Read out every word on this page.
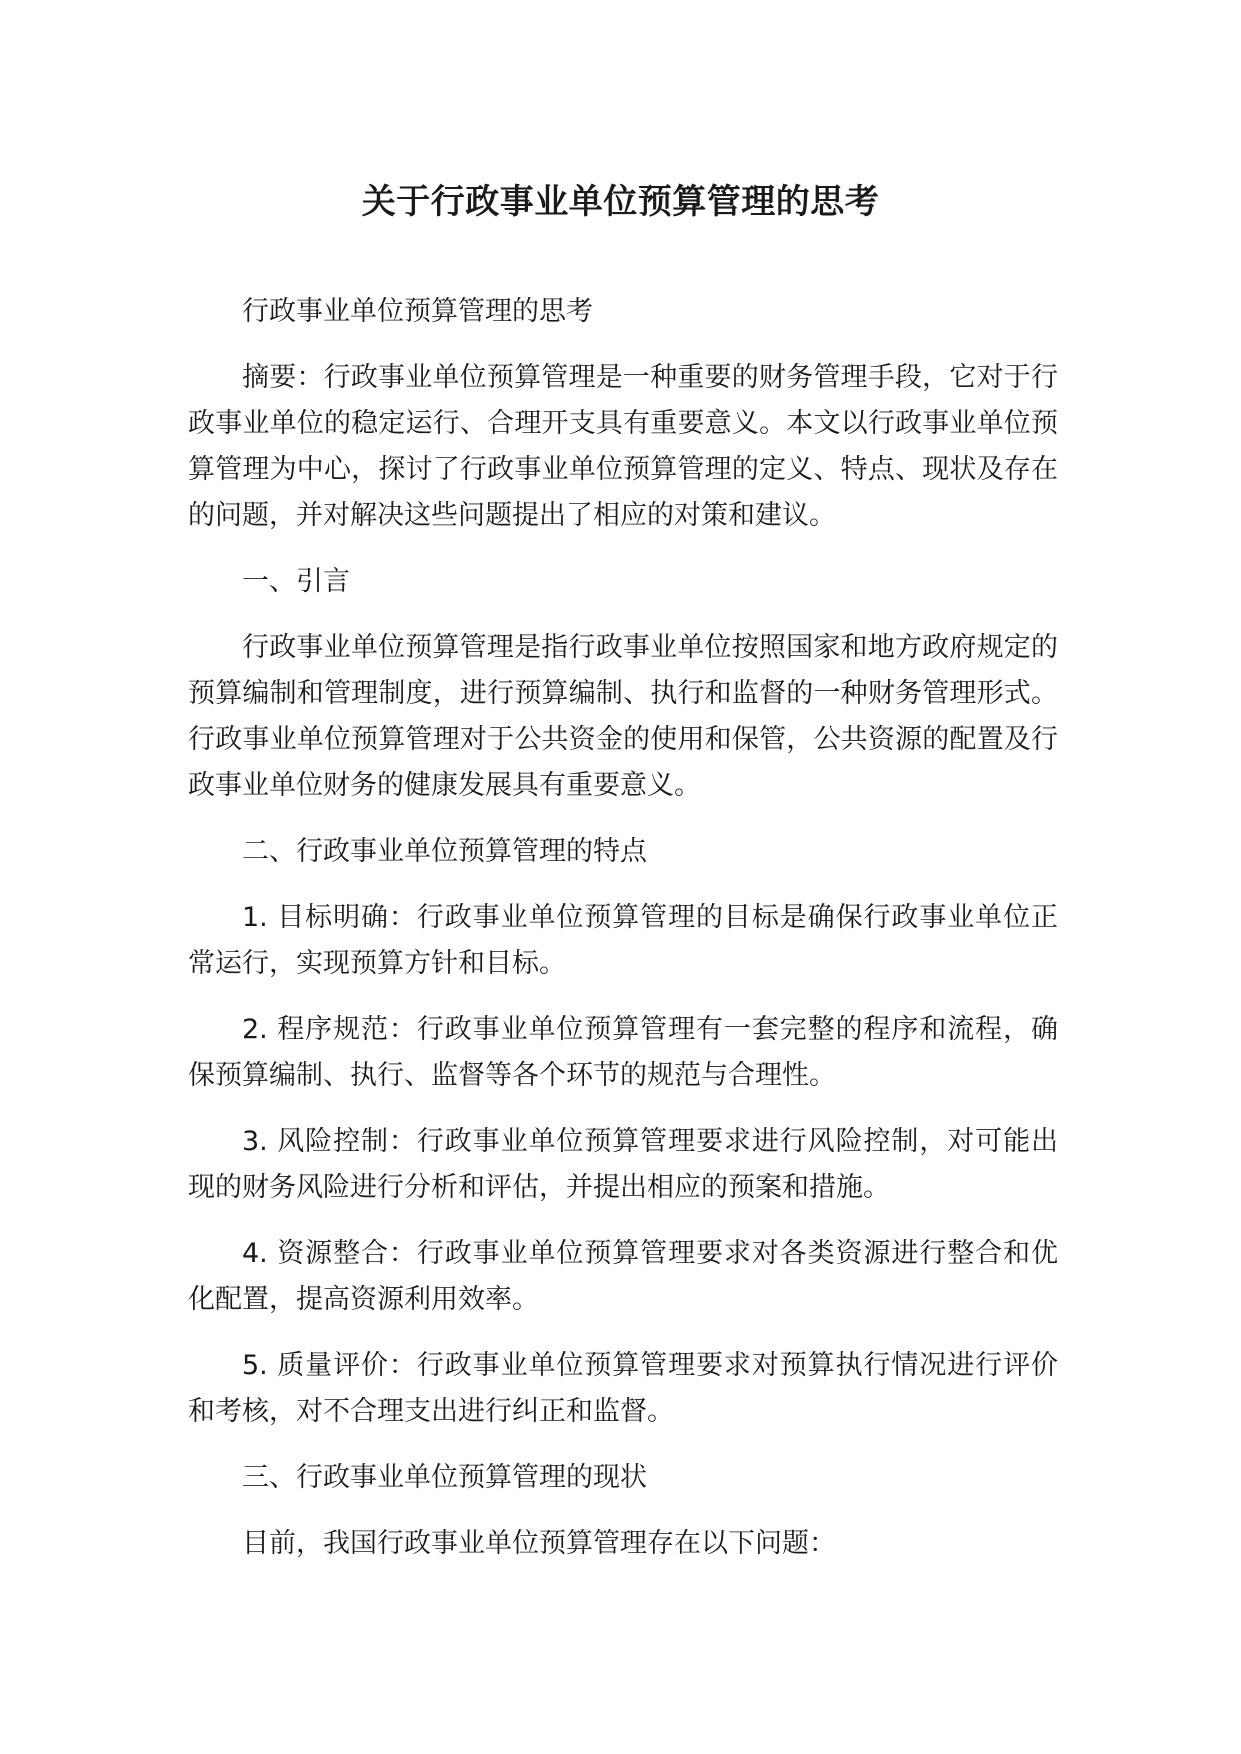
关于行政事业单位预算管理的思考

行政事业单位预算管理的思考

摘要：行政事业单位预算管理是一种重要的财务管理手段，它对于行政事业单位的稳定运行、合理开支具有重要意义。本文以行政事业单位预算管理为中心，探讨了行政事业单位预算管理的定义、特点、现状及存在的问题，并对解决这些问题提出了相应的对策和建议。

一、引言

行政事业单位预算管理是指行政事业单位按照国家和地方政府规定的预算编制和管理制度，进行预算编制、执行和监督的一种财务管理形式。行政事业单位预算管理对于公共资金的使用和保管，公共资源的配置及行政事业单位财务的健康发展具有重要意义。

二、行政事业单位预算管理的特点

1. 目标明确：行政事业单位预算管理的目标是确保行政事业单位正常运行，实现预算方针和目标。

2. 程序规范：行政事业单位预算管理有一套完整的程序和流程，确保预算编制、执行、监督等各个环节的规范与合理性。

3. 风险控制：行政事业单位预算管理要求进行风险控制，对可能出现的财务风险进行分析和评估，并提出相应的预案和措施。

4. 资源整合：行政事业单位预算管理要求对各类资源进行整合和优化配置，提高资源利用效率。

5. 质量评价：行政事业单位预算管理要求对预算执行情况进行评价和考核，对不合理支出进行纠正和监督。

三、行政事业单位预算管理的现状

目前，我国行政事业单位预算管理存在以下问题：
